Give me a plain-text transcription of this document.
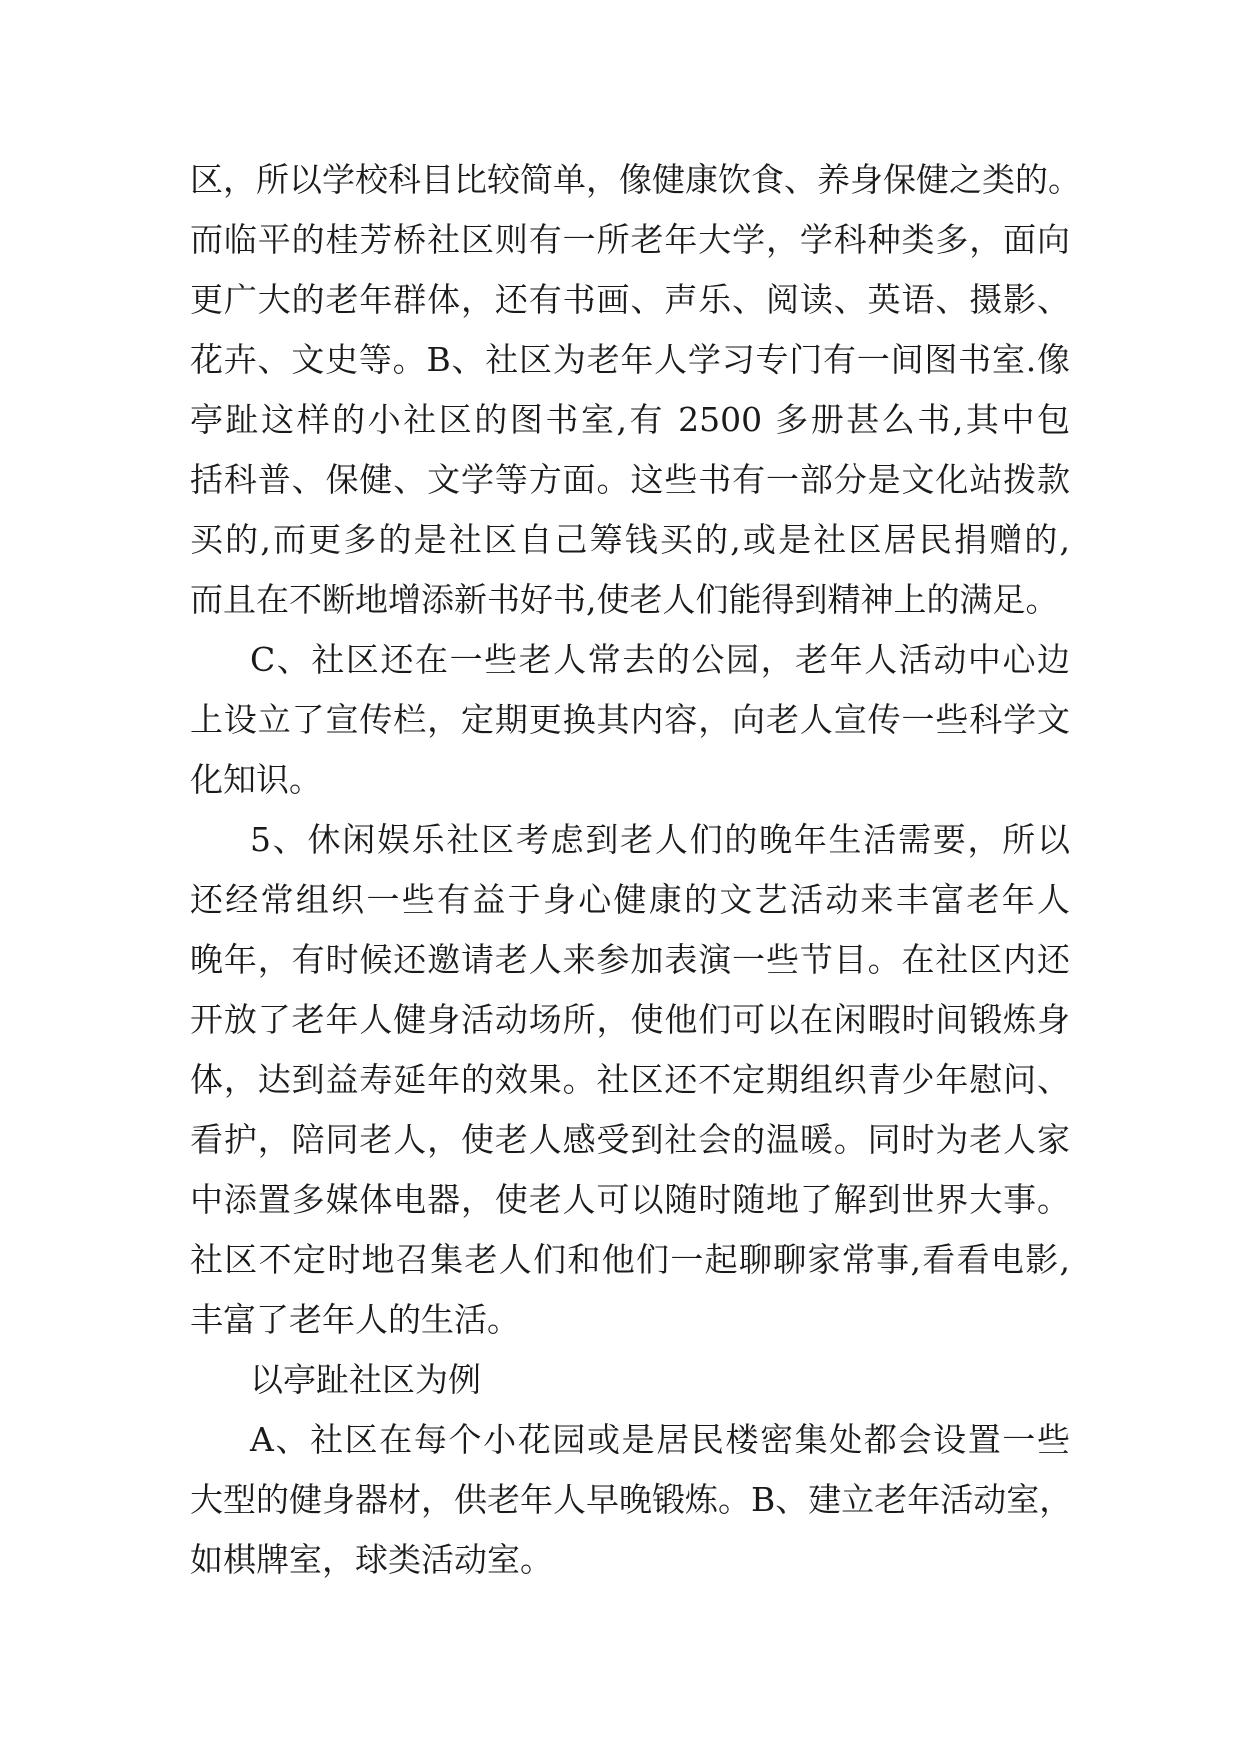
区，所以学校科目比较简单，像健康饮食、养身保健之类的。
而临平的桂芳桥社区则有一所老年大学，学科种类多，面向
更广大的老年群体，还有书画、声乐、阅读、英语、摄影、
花卉、文史等。B、社区为老年人学习专门有一间图书室.像
亭趾这样的小社区的图书室,有 2500 多册甚么书,其中包
括科普、保健、文学等方面。这些书有一部分是文化站拨款
买的,而更多的是社区自己筹钱买的,或是社区居民捐赠的,
而且在不断地增添新书好书,使老人们能得到精神上的满足。
C、社区还在一些老人常去的公园，老年人活动中心边
上设立了宣传栏，定期更换其内容，向老人宣传一些科学文
化知识。
5、休闲娱乐社区考虑到老人们的晚年生活需要，所以
还经常组织一些有益于身心健康的文艺活动来丰富老年人
晚年，有时候还邀请老人来参加表演一些节目。在社区内还
开放了老年人健身活动场所，使他们可以在闲暇时间锻炼身
体，达到益寿延年的效果。社区还不定期组织青少年慰问、
看护，陪同老人，使老人感受到社会的温暖。同时为老人家
中添置多媒体电器，使老人可以随时随地了解到世界大事。
社区不定时地召集老人们和他们一起聊聊家常事,看看电影,
丰富了老年人的生活。
以亭趾社区为例
A、社区在每个小花园或是居民楼密集处都会设置一些
大型的健身器材，供老年人早晚锻炼。B、建立老年活动室，
如棋牌室，球类活动室。
